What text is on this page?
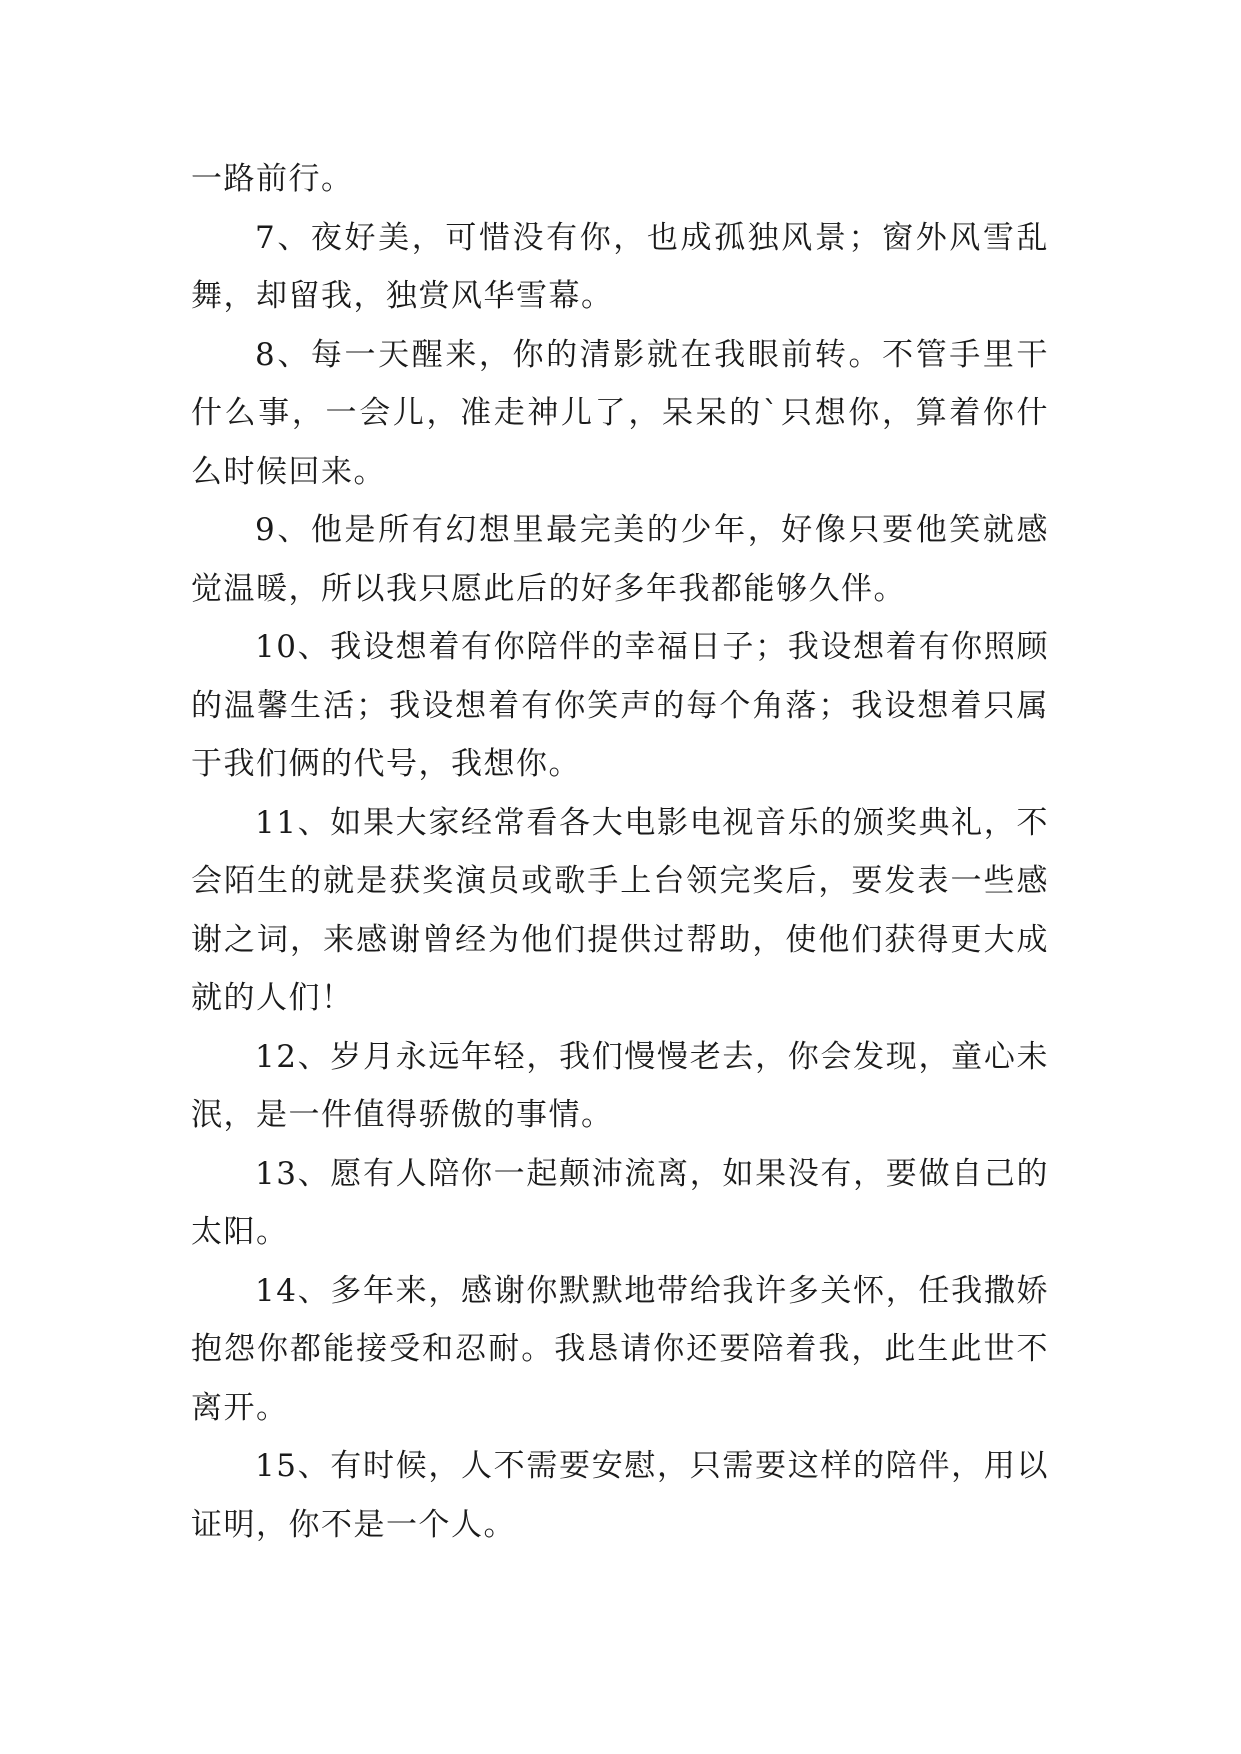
一路前行。

7、夜好美，可惜没有你，也成孤独风景；窗外风雪乱舞，却留我，独赏风华雪幕。

8、每一天醒来，你的清影就在我眼前转。不管手里干什么事，一会儿，准走神儿了，呆呆的`只想你，算着你什么时候回来。

9、他是所有幻想里最完美的少年，好像只要他笑就感觉温暖，所以我只愿此后的好多年我都能够久伴。

10、我设想着有你陪伴的幸福日子；我设想着有你照顾的温馨生活；我设想着有你笑声的每个角落；我设想着只属于我们俩的代号，我想你。

11、如果大家经常看各大电影电视音乐的颁奖典礼，不会陌生的就是获奖演员或歌手上台领完奖后，要发表一些感谢之词，来感谢曾经为他们提供过帮助，使他们获得更大成就的人们！

12、岁月永远年轻，我们慢慢老去，你会发现，童心未泯，是一件值得骄傲的事情。

13、愿有人陪你一起颠沛流离，如果没有，要做自己的太阳。

14、多年来，感谢你默默地带给我许多关怀，任我撒娇抱怨你都能接受和忍耐。我恳请你还要陪着我，此生此世不离开。

15、有时候，人不需要安慰，只需要这样的陪伴，用以证明，你不是一个人。
